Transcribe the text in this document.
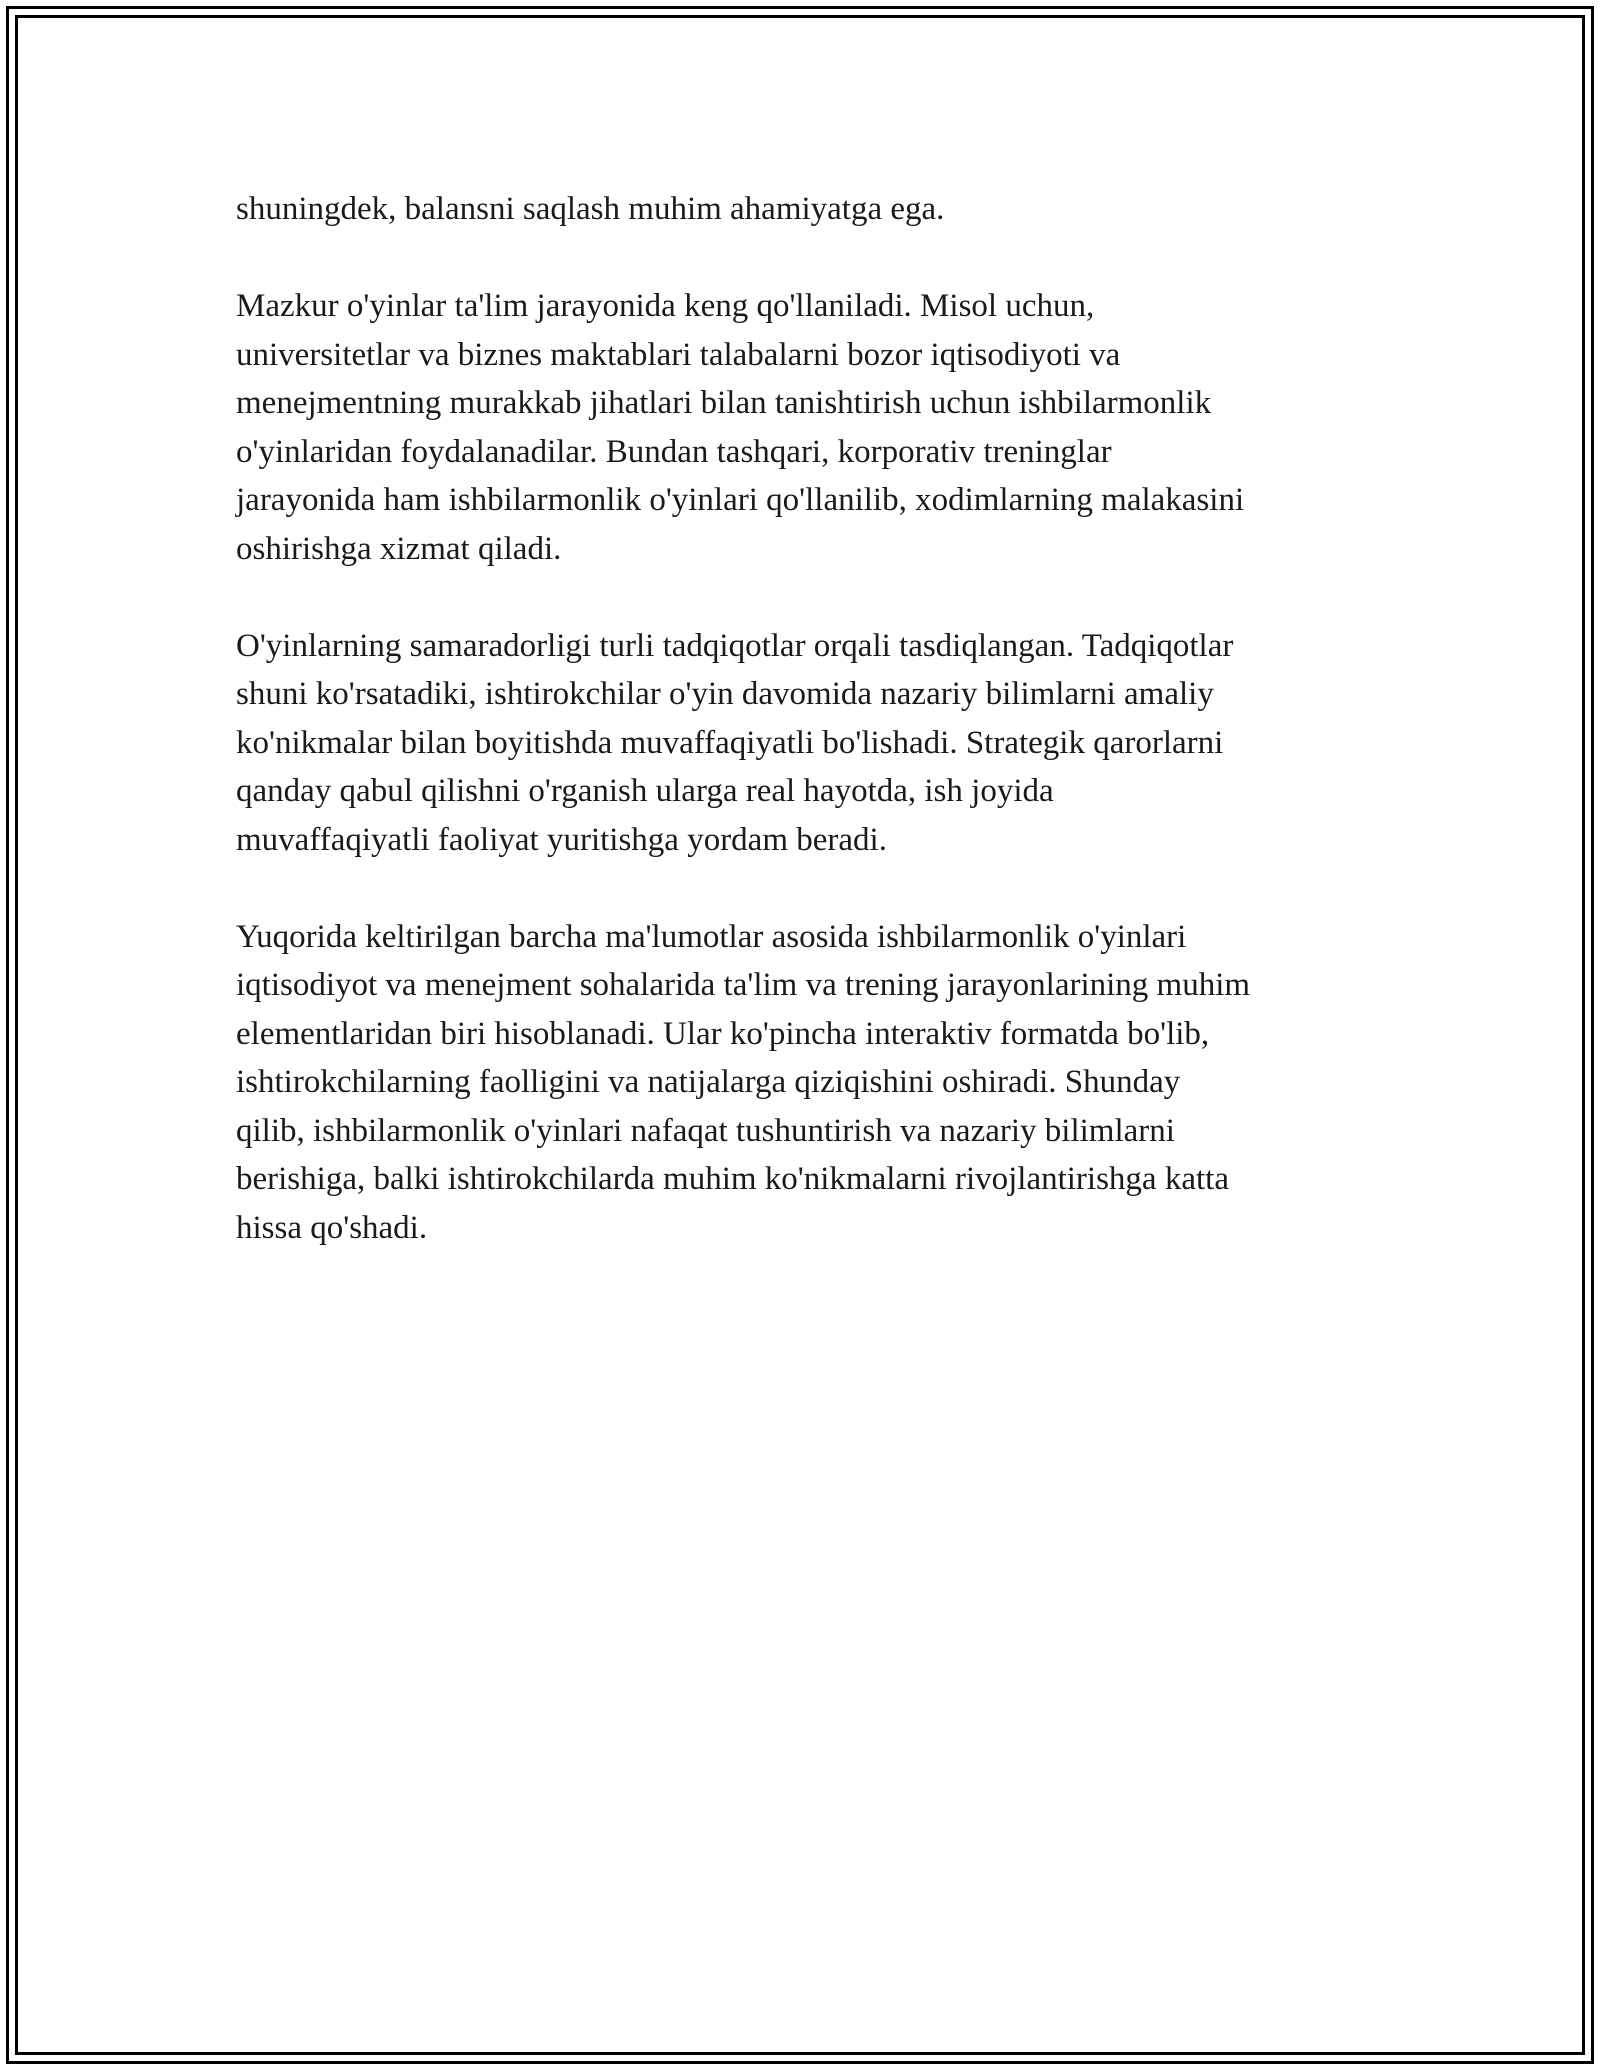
shuningdek, balansni saqlash muhim ahamiyatga ega.

Mazkur o'yinlar ta'lim jarayonida keng qo'llaniladi. Misol uchun,
universitetlar va biznes maktablari talabalarni bozor iqtisodiyoti va
menejmentning murakkab jihatlari bilan tanishtirish uchun ishbilarmonlik
o'yinlaridan foydalanadilar. Bundan tashqari, korporativ treninglar
jarayonida ham ishbilarmonlik o'yinlari qo'llanilib, xodimlarning malakasini
oshirishga xizmat qiladi.

O'yinlarning samaradorligi turli tadqiqotlar orqali tasdiqlangan. Tadqiqotlar
shuni ko'rsatadiki, ishtirokchilar o'yin davomida nazariy bilimlarni amaliy
ko'nikmalar bilan boyitishda muvaffaqiyatli bo'lishadi. Strategik qarorlarni
qanday qabul qilishni o'rganish ularga real hayotda, ish joyida
muvaffaqiyatli faoliyat yuritishga yordam beradi.

Yuqorida keltirilgan barcha ma'lumotlar asosida ishbilarmonlik o'yinlari
iqtisodiyot va menejment sohalarida ta'lim va trening jarayonlarining muhim
elementlaridan biri hisoblanadi. Ular ko'pincha interaktiv formatda bo'lib,
ishtirokchilarning faolligini va natijalarga qiziqishini oshiradi. Shunday
qilib, ishbilarmonlik o'yinlari nafaqat tushuntirish va nazariy bilimlarni
berishiga, balki ishtirokchilarda muhim ko'nikmalarni rivojlantirishga katta
hissa qo'shadi.
